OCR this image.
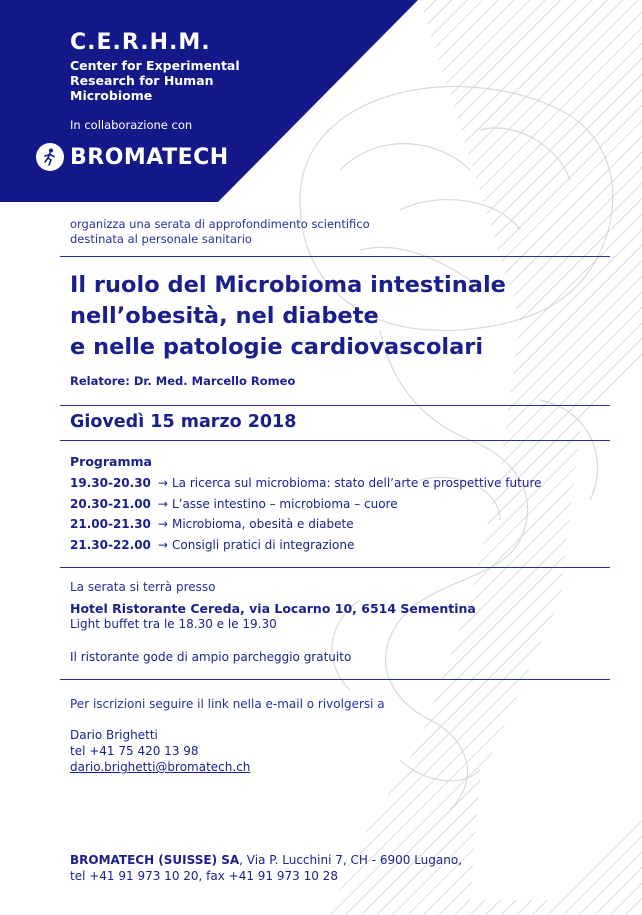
C.E.R.H.M.
Center for Experimental
Research for Human
Microbiome
In collaborazione con
BROMATECH
organizza una serata di approfondimento scientifico
destinata al personale sanitario
Il ruolo del Microbioma intestinale
nell’obesità, nel diabete
e nelle patologie cardiovascolari
Relatore: Dr. Med. Marcello Romeo
Giovedì 15 marzo 2018
Programma
19.30-20.30 → La ricerca sul microbioma: stato dell’arte e prospettive future
20.30-21.00 → L’asse intestino – microbioma – cuore
21.00-21.30 → Microbioma, obesità e diabete
21.30-22.00 → Consigli pratici di integrazione
La serata si terrà presso
Hotel Ristorante Cereda, via Locarno 10, 6514 Sementina
Light buffet tra le 18.30 e le 19.30
Il ristorante gode di ampio parcheggio gratuito
Per iscrizioni seguire il link nella e-mail o rivolgersi a
Dario Brighetti
tel +41 75 420 13 98
dario.brighetti@bromatech.ch
BROMATECH (SUISSE) SA, Via P. Lucchini 7, CH - 6900 Lugano,
tel +41 91 973 10 20, fax +41 91 973 10 28
